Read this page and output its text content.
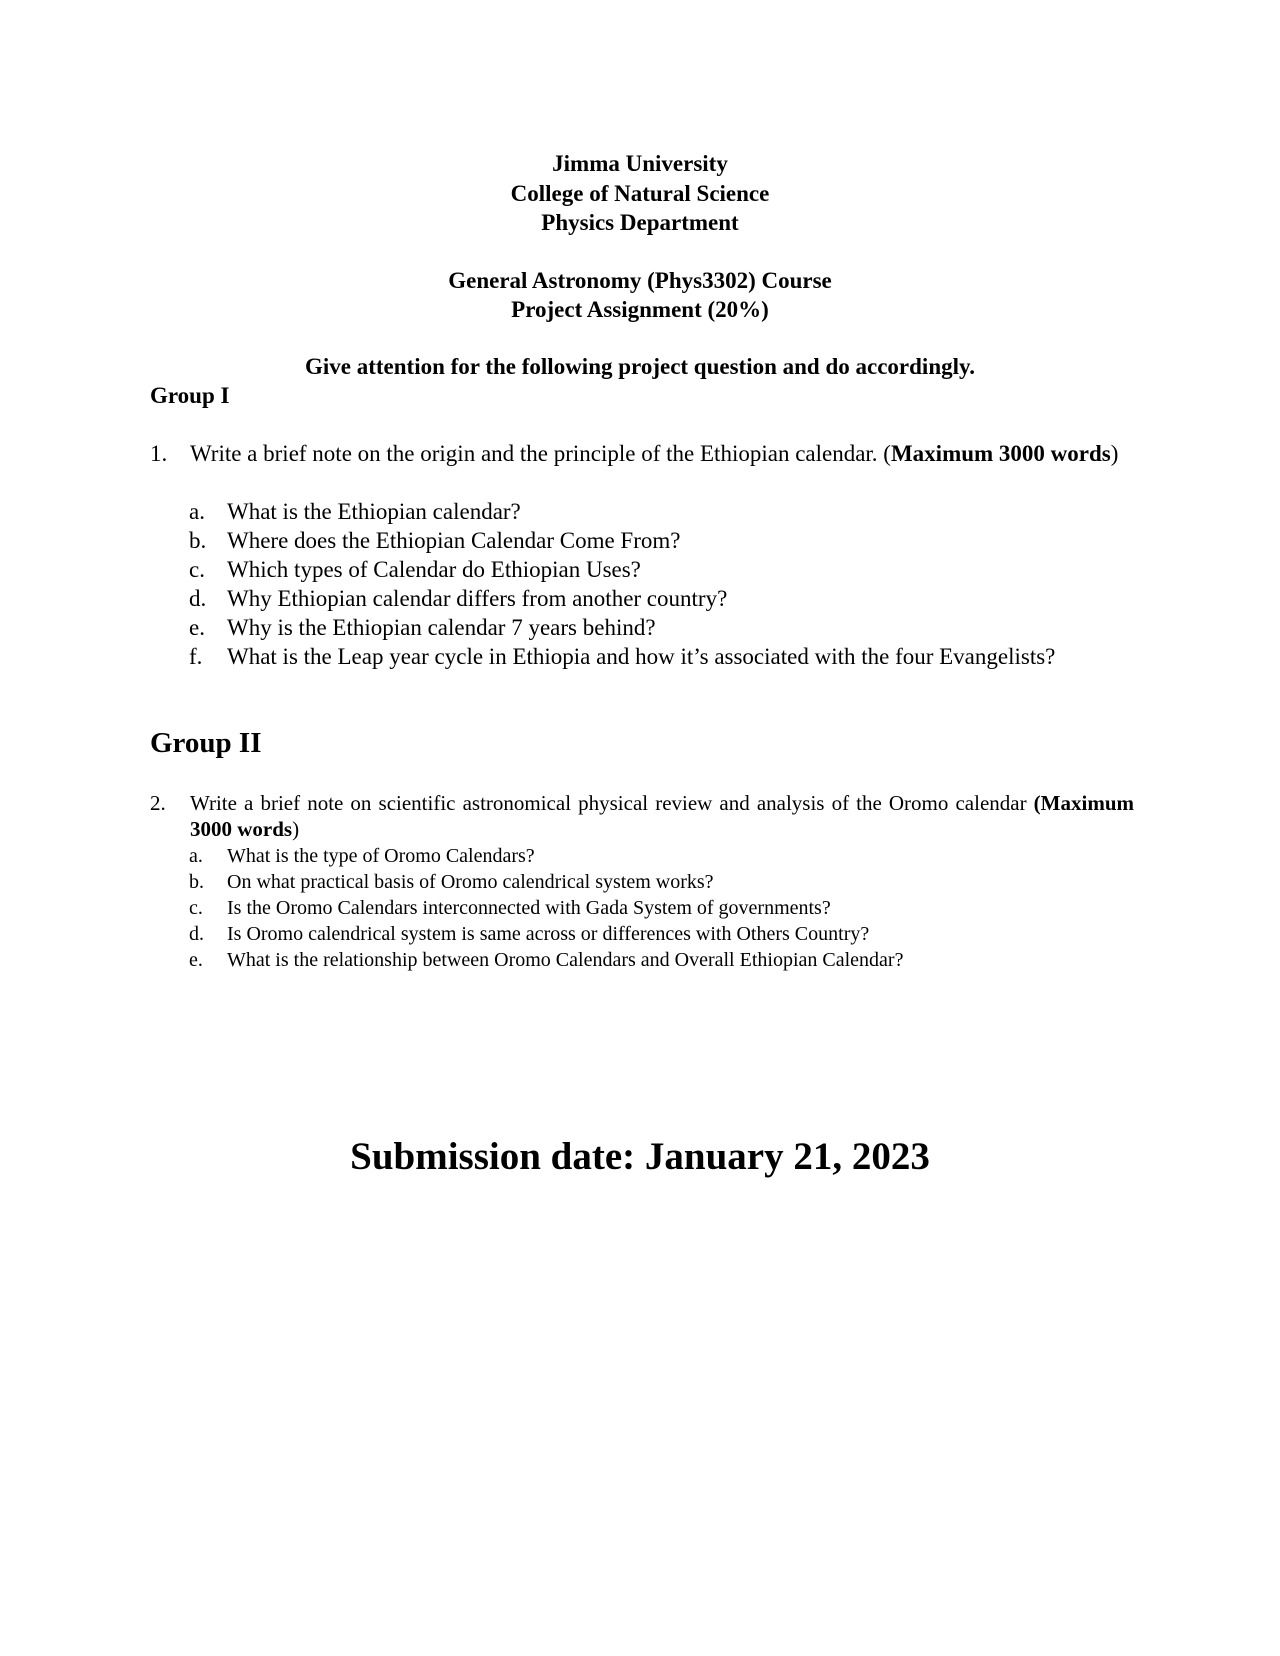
Jimma University
College of Natural Science
Physics Department
General Astronomy (Phys3302) Course
Project Assignment (20%)
Give attention for the following project question and do accordingly.
Group I
1. Write a brief note on the origin and the principle of the Ethiopian calendar. (Maximum 3000 words)
a. What is the Ethiopian calendar?
b. Where does the Ethiopian Calendar Come From?
c. Which types of Calendar do Ethiopian Uses?
d. Why Ethiopian calendar differs from another country?
e. Why is the Ethiopian calendar 7 years behind?
f. What is the Leap year cycle in Ethiopia and how it’s associated with the four Evangelists?
Group II
2. Write a brief note on scientific astronomical physical review and analysis of the Oromo calendar (Maximum 3000 words)
a. What is the type of Oromo Calendars?
b. On what practical basis of Oromo calendrical system works?
c. Is the Oromo Calendars interconnected with Gada System of governments?
d. Is Oromo calendrical system is same across or differences with Others Country?
e. What is the relationship between Oromo Calendars and Overall Ethiopian Calendar?
Submission date: January 21, 2023
